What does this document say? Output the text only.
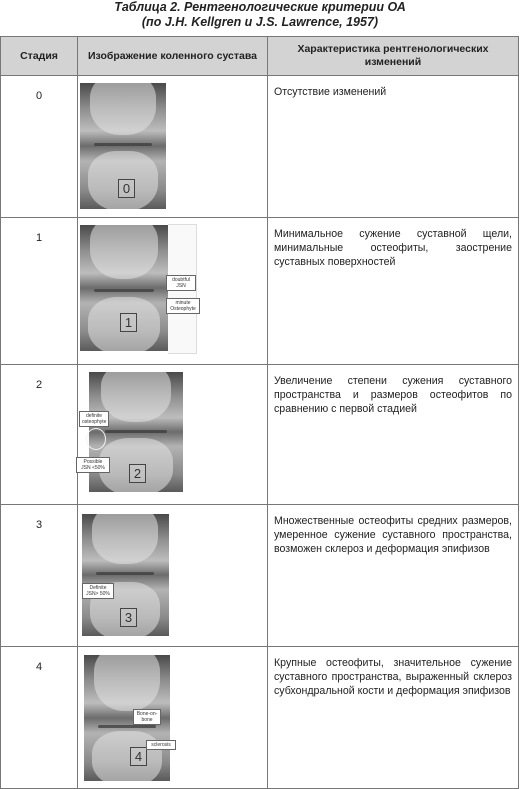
Таблица 2. Рентгенологические критерии ОА
(по J.H. Kellgren и J.S. Lawrence, 1957)
Стадия	Изображение коленного сустава	Характеристика рентгенологических изменений
0	0	Отсутствие изменений
1	1
doubtful JSN
minute Osteophyte	Минимальное сужение суставной щели, минимальные остеофиты, заострение суставных поверхностей
2	2
definite osteophyte
Possible JSN <50%	Увеличение степени сужения суставного пространства и размеров остеофитов по сравнению с первой стадией
3	3
Definite JSN> 50%	Множественные остеофиты средних размеров, умеренное сужение суставного пространства, возможен склероз и деформация эпифизов
4	4
Bone-on-bone
sclerosis	Крупные остеофиты, значительное сужение суставного пространства, выраженный склероз субхондральной кости и деформация эпифизов
